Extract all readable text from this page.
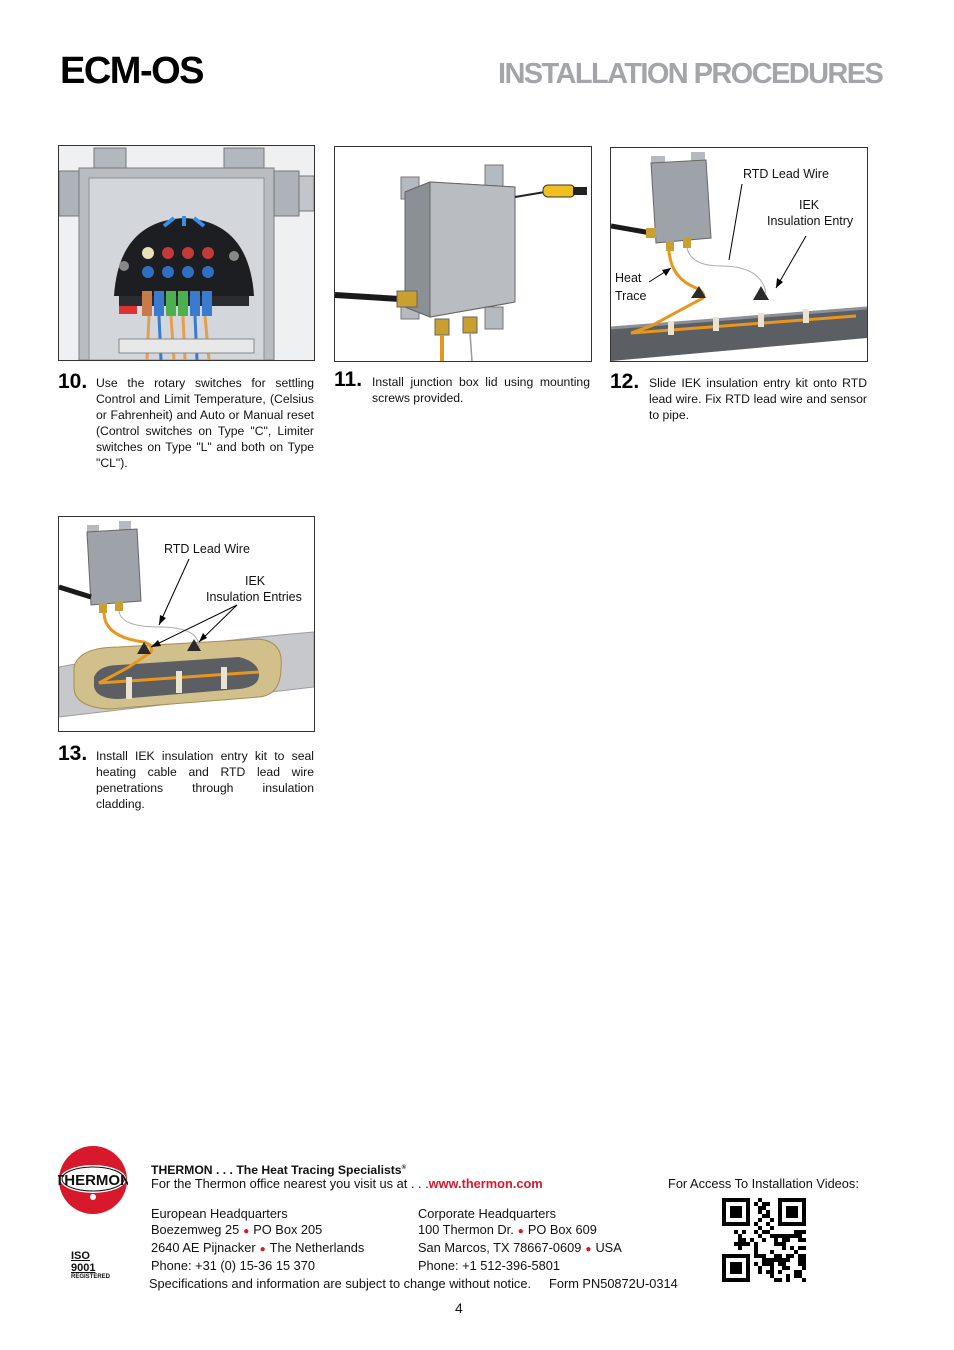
ECM-OS	INSTALLATION PROCEDURES
RTD Lead Wire
IEK
Insulation Entry
Heat
Trace
10. Use the rotary switches for settling Control and Limit Temperature, (Celsius or Fahrenheit) and Auto or Manual reset (Control switches on Type "C", Limiter switches on Type "L" and both on Type "CL").
11. Install junction box lid using mounting screws provided.
12. Slide IEK insulation entry kit onto RTD lead wire. Fix RTD lead wire and sensor to pipe.
RTD Lead Wire
IEK
Insulation Entries
13. Install IEK insulation entry kit to seal heating cable and RTD lead wire penetrations through insulation cladding.
THERMON
ISO 9001
REGISTERED
THERMON . . . The Heat Tracing Specialists®
For the Thermon office nearest you visit us at . . .www.thermon.com	For Access To Installation Videos:
European Headquarters
Boezemweg 25 ● PO Box 205
2640 AE Pijnacker ● The Netherlands
Phone: +31 (0) 15-36 15 370
Corporate Headquarters
100 Thermon Dr. ● PO Box 609
San Marcos, TX 78667-0609 ● USA
Phone: +1 512-396-5801
Specifications and information are subject to change without notice. Form PN50872U-0314
4
